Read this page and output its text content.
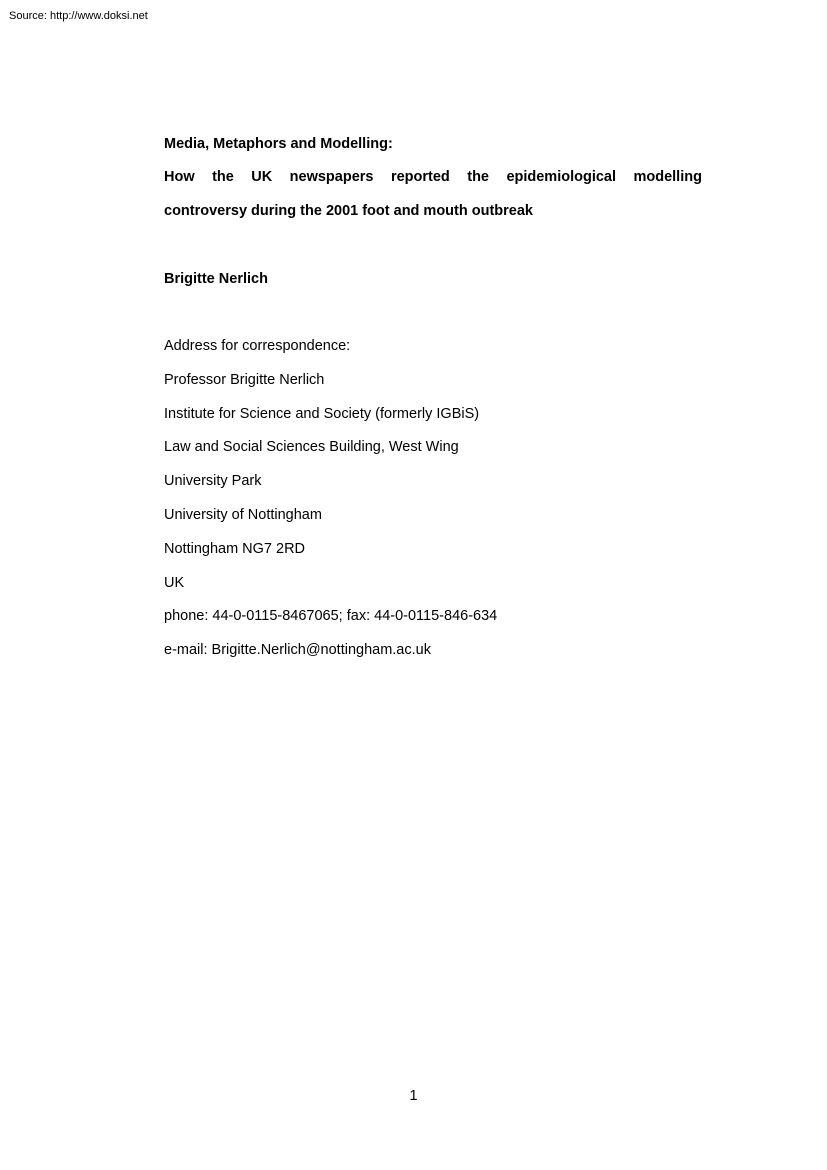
Source: http://www.doksi.net
Media, Metaphors and Modelling:
How the UK newspapers reported the epidemiological modelling
controversy during the 2001 foot and mouth outbreak
Brigitte Nerlich
Address for correspondence:
Professor Brigitte Nerlich
Institute for Science and Society (formerly IGBiS)
Law and Social Sciences Building, West Wing
University Park
University of Nottingham
Nottingham NG7 2RD
UK
phone: 44-0-0115-8467065; fax: 44-0-0115-846-634
e-mail: Brigitte.Nerlich@nottingham.ac.uk
1
